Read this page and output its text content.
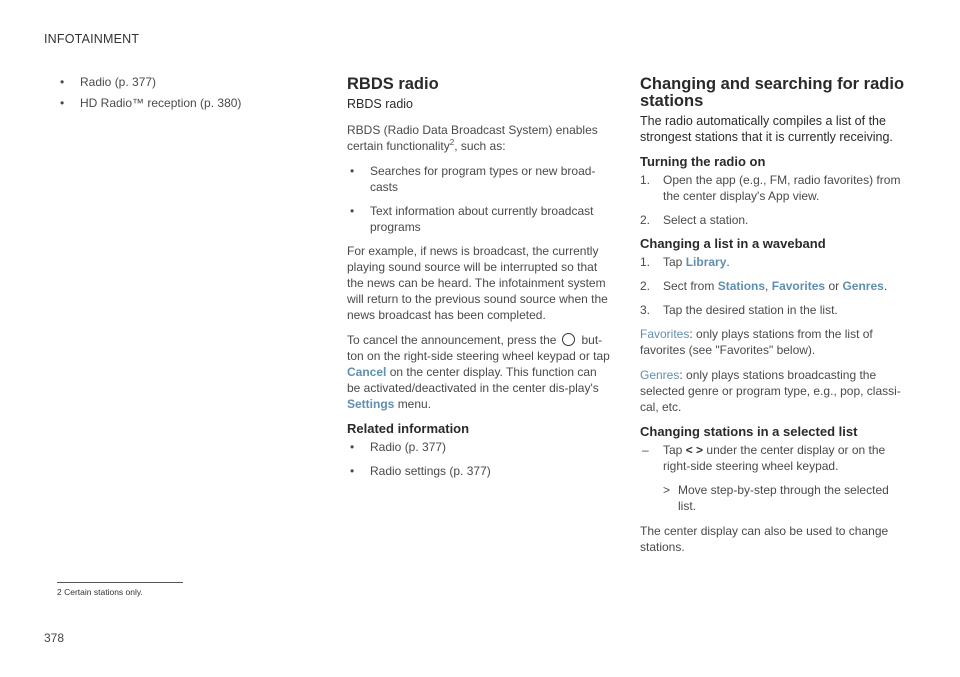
INFOTAINMENT
• Radio (p. 377)
• HD Radio™ reception (p. 380)
RBDS radio
RBDS radio
RBDS (Radio Data Broadcast System) enables certain functionality$^2$, such as:
• Searches for program types or new broad-casts
• Text information about currently broadcast programs
For example, if news is broadcast, the currently playing sound source will be interrupted so that the news can be heard. The infotainment system will return to the previous sound source when the news broadcast has been completed.
To cancel the announcement, press the but-ton on the right-side steering wheel keypad or tap Cancel on the center display. This function can be activated/deactivated in the center dis-play's Settings menu.
Related information
• Radio (p. 377)
• Radio settings (p. 377)
Changing and searching for radio stations
The radio automatically compiles a list of the strongest stations that it is currently receiving.
Turning the radio on
1. Open the app (e.g., FM, radio favorites) from the center display's App view.
2. Select a station.
Changing a list in a waveband
1. Tap Library.
2. Sect from Stations, Favorites or Genres.
3. Tap the desired station in the list.
Favorites: only plays stations from the list of favorites (see "Favorites" below).
Genres: only plays stations broadcasting the selected genre or program type, e.g., pop, classi-cal, etc.
Changing stations in a selected list
– Tap < > under the center display or on the right-side steering wheel keypad.
> Move step-by-step through the selected list.
The center display can also be used to change stations.
2 Certain stations only.
378
